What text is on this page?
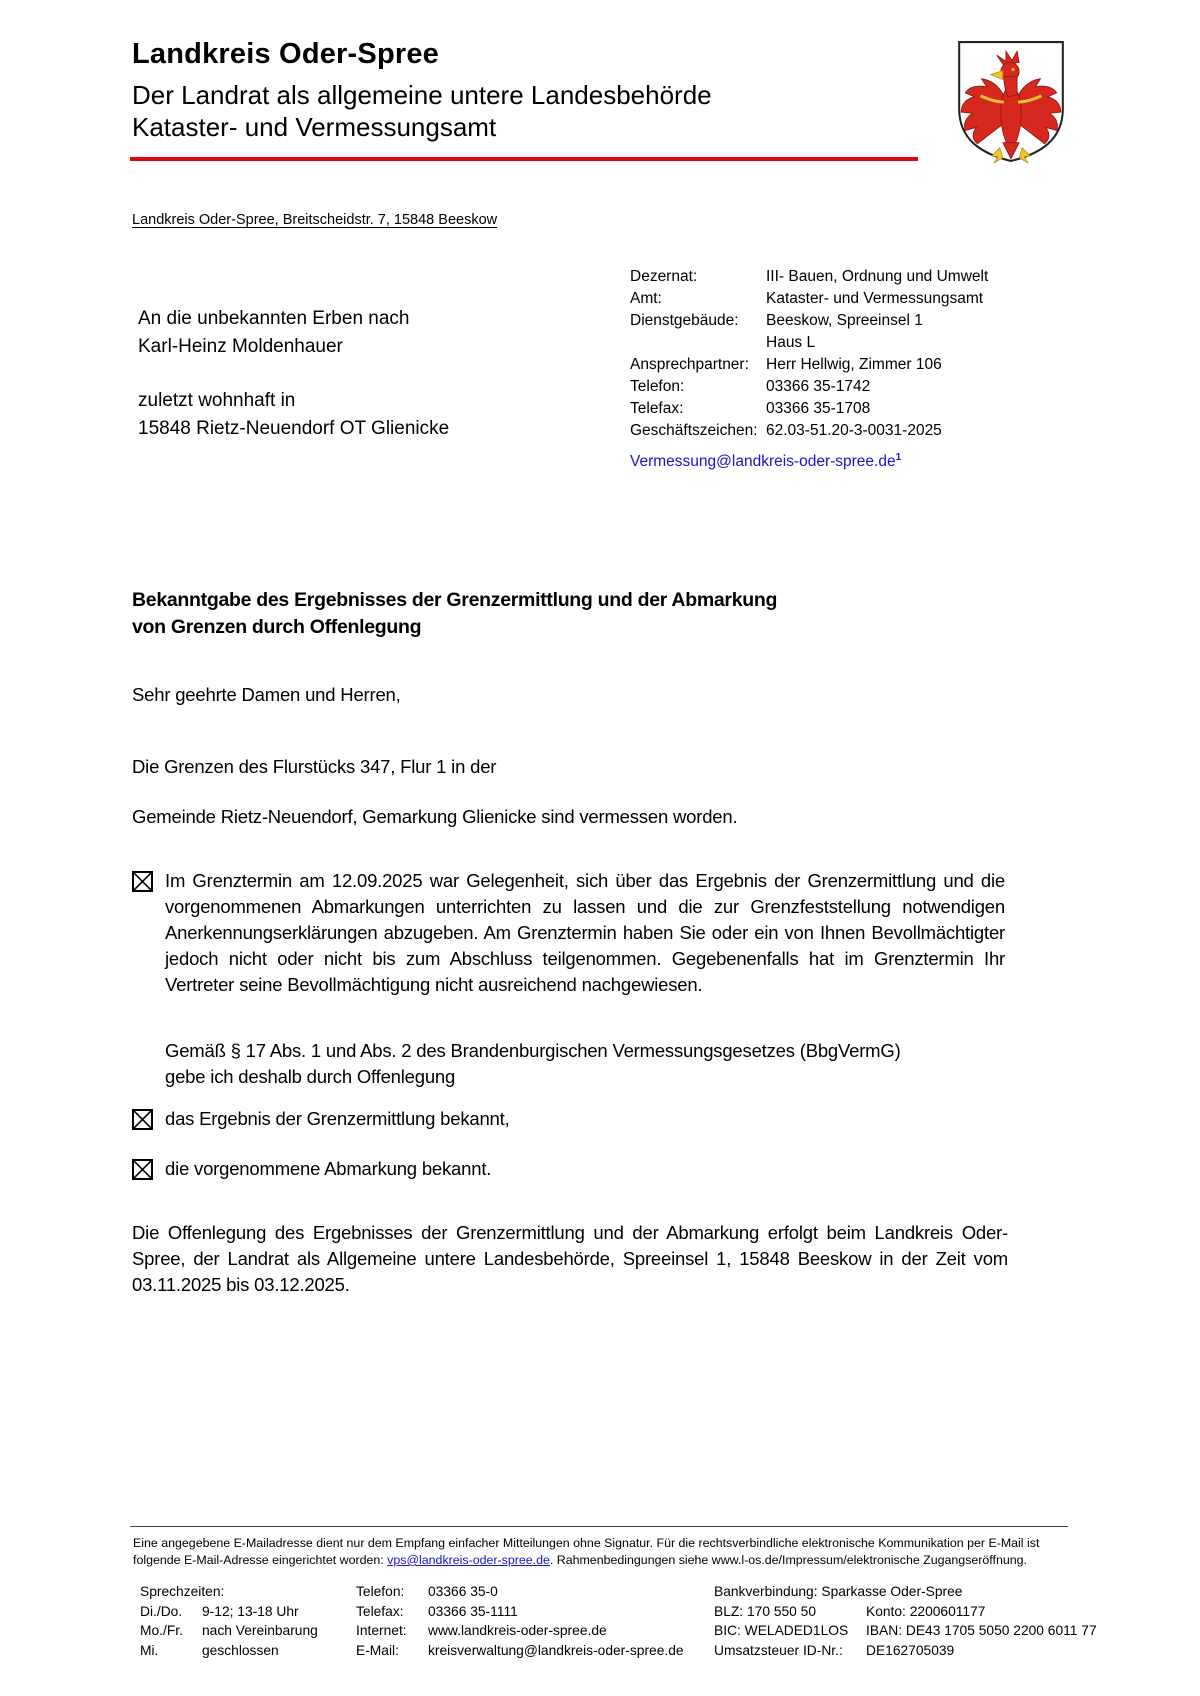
Landkreis Oder-Spree
Der Landrat als allgemeine untere Landesbehörde
Kataster- und Vermessungsamt
Landkreis Oder-Spree, Breitscheidstr. 7, 15848 Beeskow
An die unbekannten Erben nach
Karl-Heinz Moldenhauer
zuletzt wohnhaft in
15848 Rietz-Neuendorf OT Glienicke
Dezernat:	III- Bauen, Ordnung und Umwelt
Amt:	Kataster- und Vermessungsamt
Dienstgebäude:	Beeskow, Spreeinsel 1
Haus L
Ansprechpartner:	Herr Hellwig, Zimmer 106
Telefon:	03366 35-1742
Telefax:	03366 35-1708
Geschäftszeichen: 62.03-51.20-3-0031-2025
$Vermessung@landkreis-oder-spree.de^1$
Bekanntgabe des Ergebnisses der Grenzermittlung und der Abmarkung
von Grenzen durch Offenlegung
Sehr geehrte Damen und Herren,
Die Grenzen des Flurstücks 347, Flur 1 in der
Gemeinde Rietz-Neuendorf, Gemarkung Glienicke sind vermessen worden.
Im Grenztermin am 12.09.2025 war Gelegenheit, sich über das Ergebnis der Grenzermittlung und die vorgenommenen Abmarkungen unterrichten zu lassen und die zur Grenzfeststellung notwendigen Anerkennungserklärungen abzugeben. Am Grenztermin haben Sie oder ein von Ihnen Bevollmächtigter jedoch nicht oder nicht bis zum Abschluss teilgenommen. Gegebenenfalls hat im Grenztermin Ihr Vertreter seine Bevollmächtigung nicht ausreichend nachgewiesen.
Gemäß § 17 Abs. 1 und Abs. 2 des Brandenburgischen Vermessungsgesetzes (BbgVermG)
gebe ich deshalb durch Offenlegung
das Ergebnis der Grenzermittlung bekannt,
die vorgenommene Abmarkung bekannt.
Die Offenlegung des Ergebnisses der Grenzermittlung und der Abmarkung erfolgt beim Landkreis Oder-Spree, der Landrat als Allgemeine untere Landesbehörde, Spreeinsel 1, 15848 Beeskow in der Zeit vom 03.11.2025 bis 03.12.2025.
Eine angegebene E-Mailadresse dient nur dem Empfang einfacher Mitteilungen ohne Signatur. Für die rechtsverbindliche elektronische Kommunikation per E-Mail ist folgende E-Mail-Adresse eingerichtet worden: vps@landkreis-oder-spree.de. Rahmenbedingungen siehe www.l-os.de/Impressum/elektronische Zugangseröffnung.
Sprechzeiten:
Di./Do.	9-12; 13-18 Uhr
Mo./Fr.	nach Vereinbarung
Mi.	geschlossen
Telefon:	03366 35-0
Telefax:	03366 35-1111
Internet:	www.landkreis-oder-spree.de
E-Mail:	kreisverwaltung@landkreis-oder-spree.de
Bankverbindung: Sparkasse Oder-Spree
BLZ: 170 550 50	Konto: 2200601177
BIC: WELADED1LOS	IBAN: DE43 1705 5050 2200 6011 77
Umsatzsteuer ID-Nr.:	DE162705039
